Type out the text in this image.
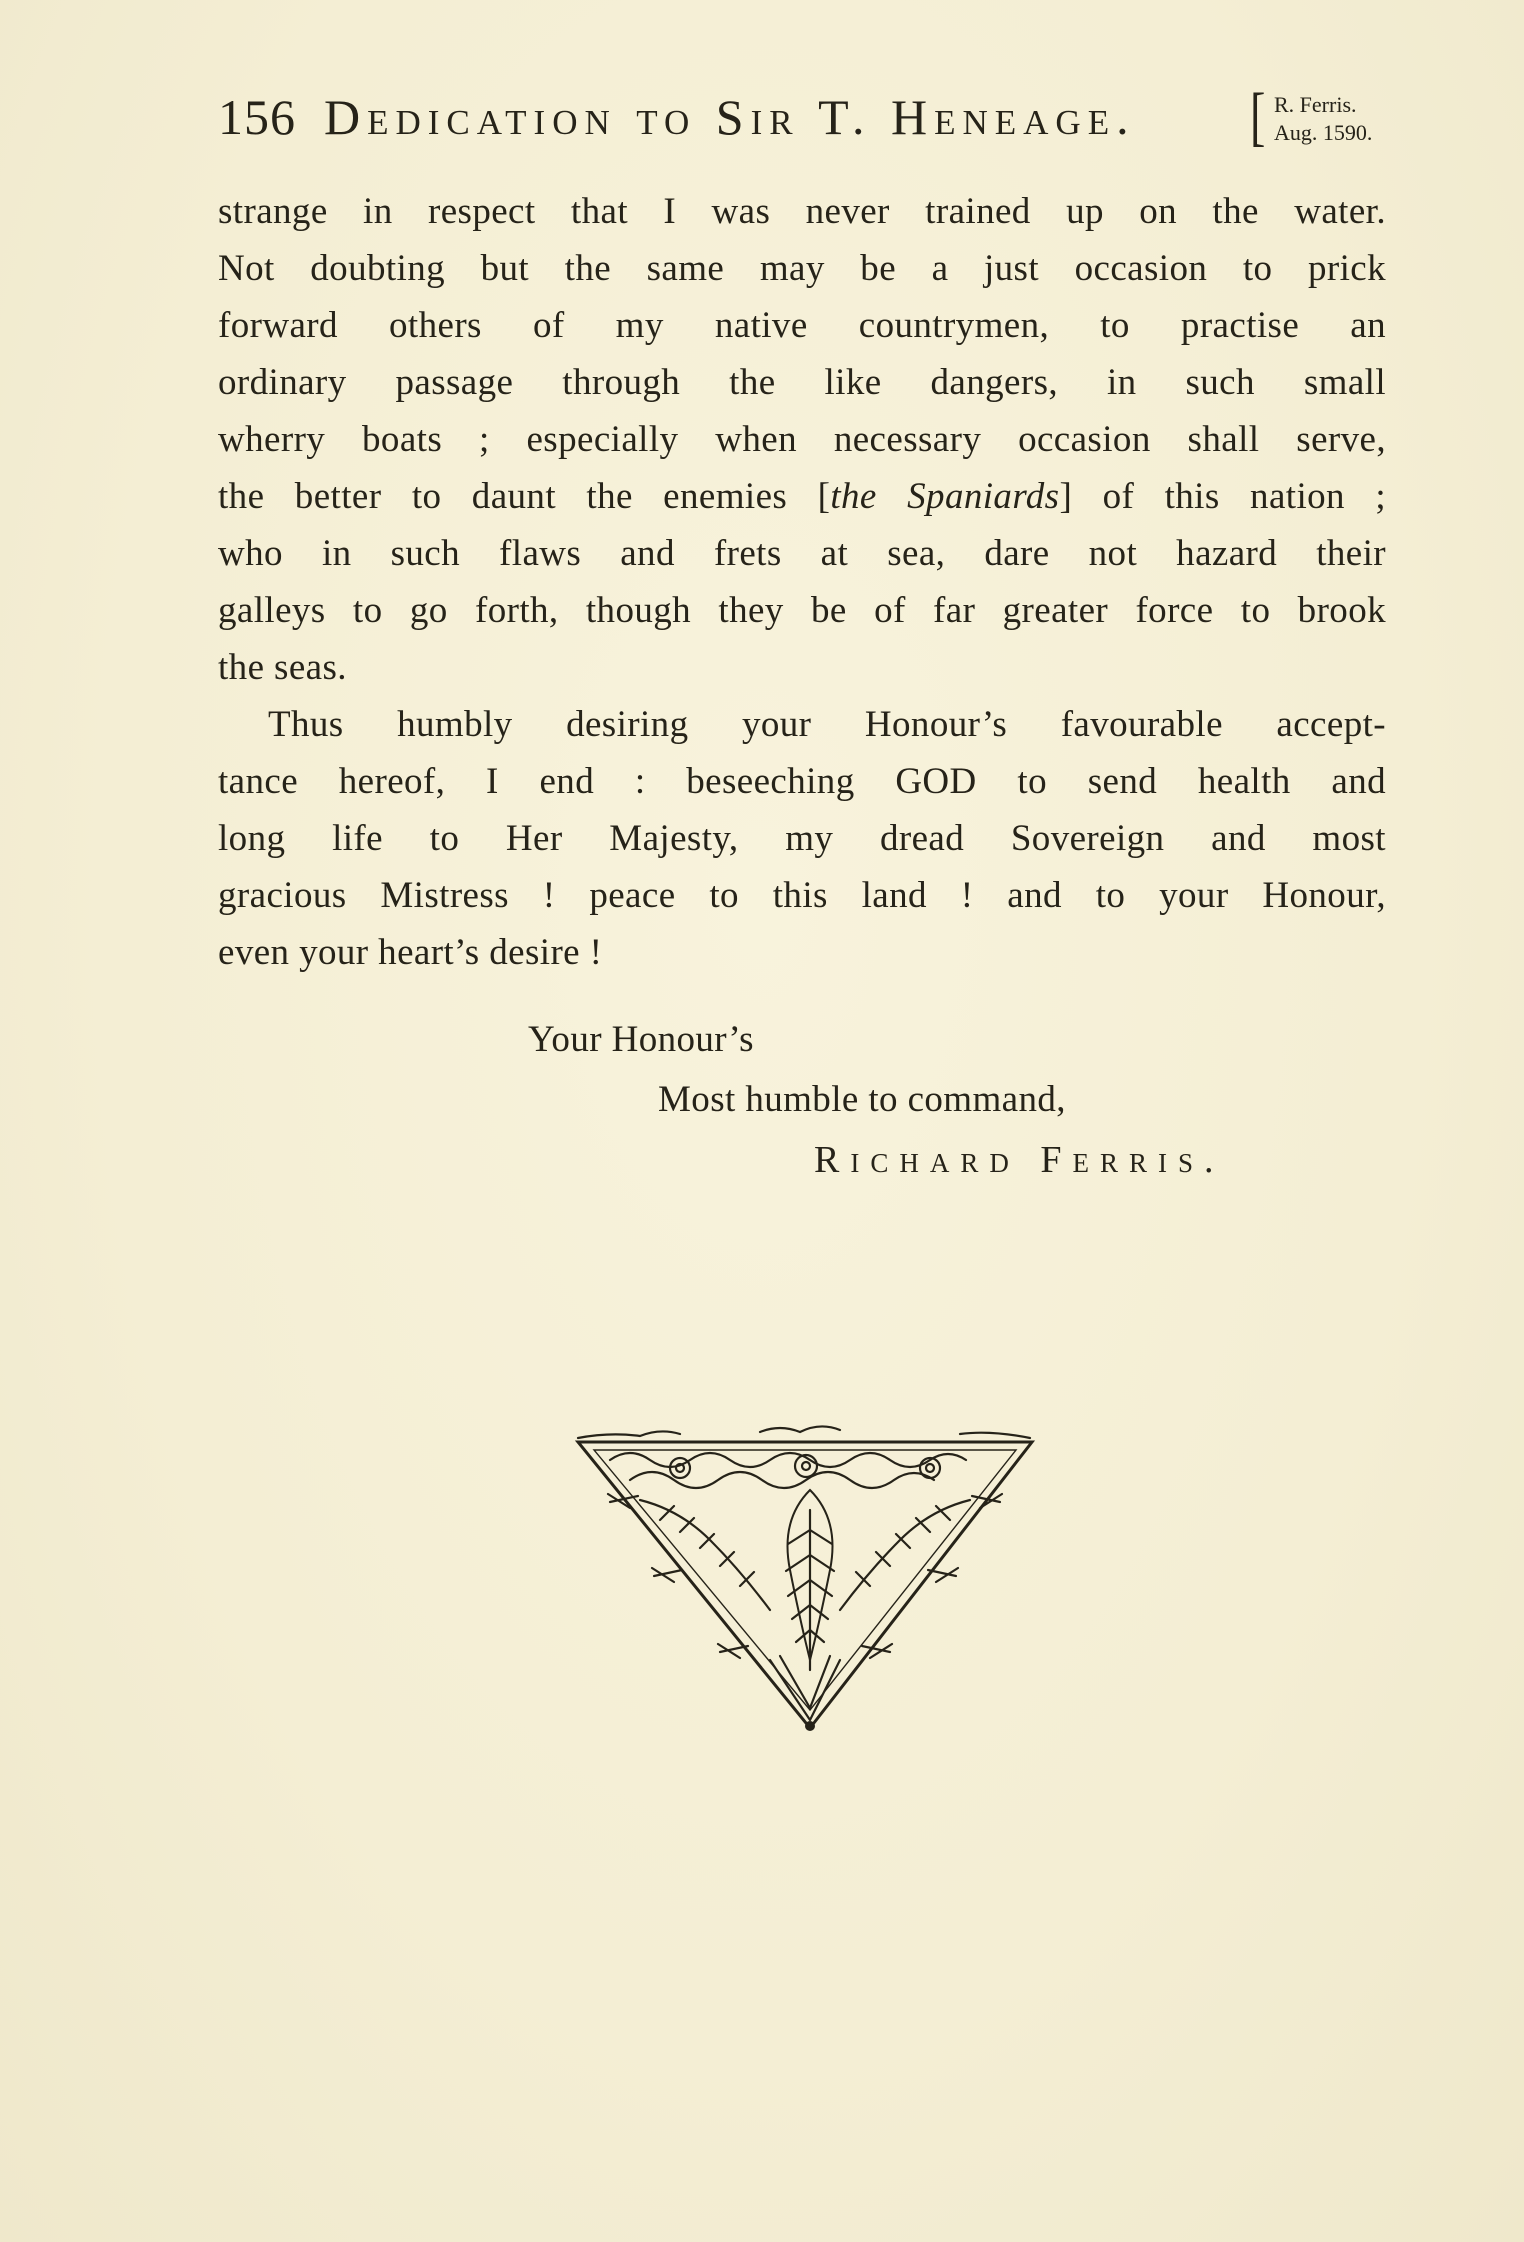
156 Dedication to Sir T. Heneage. [ R. Ferris.
Aug. 1590.
strange in respect that I was never trained up on the water.
Not doubting but the same may be a just occasion to prick
forward others of my native countrymen, to practise an
ordinary passage through the like dangers, in such small
wherry boats ; especially when necessary occasion shall serve,
the better to daunt the enemies [the Spaniards] of this nation ;
who in such flaws and frets at sea, dare not hazard their
galleys to go forth, though they be of far greater force to brook
the seas.
Thus humbly desiring your Honour’s favourable accept-
tance hereof, I end : beseeching GOD to send health and
long life to Her Majesty, my dread Sovereign and most
gracious Mistress ! peace to this land ! and to your Honour,
even your heart’s desire !
Your Honour’s
Most humble to command,
Richard Ferris.
